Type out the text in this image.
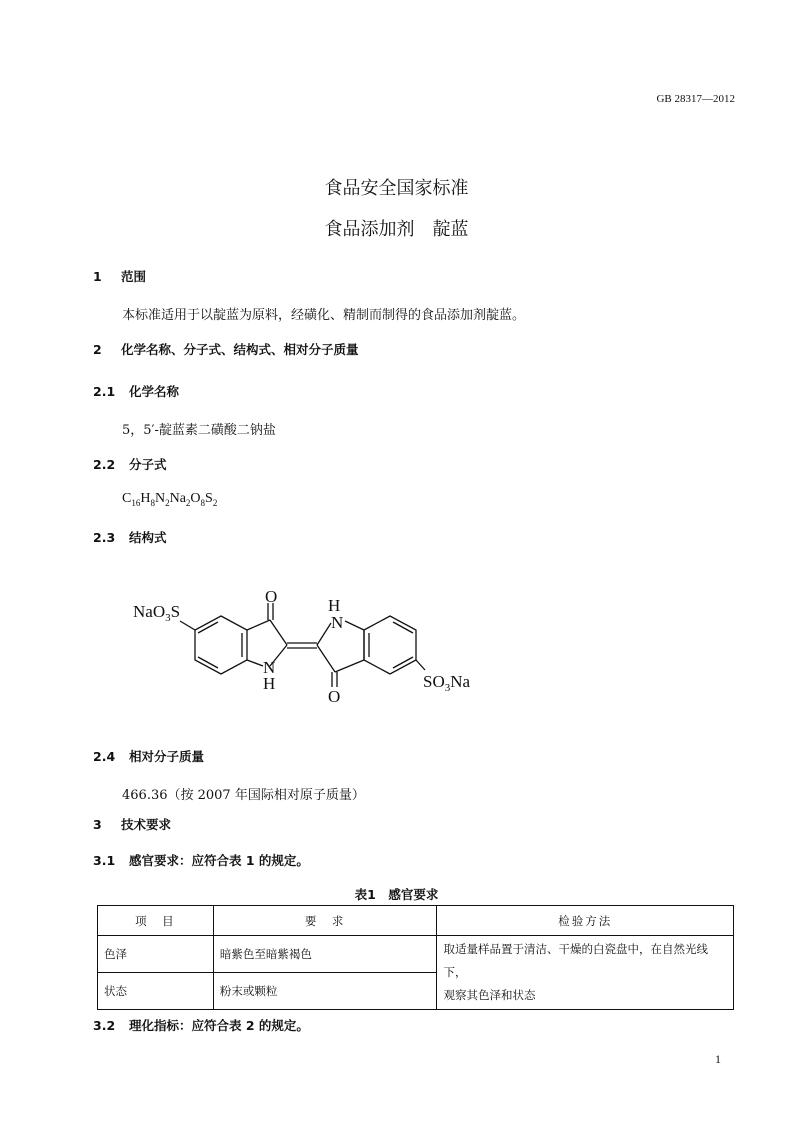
GB 28317—2012
食品安全国家标准
食品添加剂　靛蓝
1 范围
本标准适用于以靛蓝为原料，经磺化、精制而制得的食品添加剂靛蓝。
2 化学名称、分子式、结构式、相对分子质量
2.1 化学名称
5，5′-靛蓝素二磺酸二钠盐
2.2 分子式
$C_{16}H_8N_2Na_2O_8S_2$
2.3 结构式
NaO$_3$S
O	H
N
N
H
O
$SO_3Na$
2.4 相对分子质量
466.36（按 2007 年国际相对原子质量）
3 技术要求
3.1 感官要求：应符合表 1 的规定。
表1　感官要求
项　目	要　求	检验方法
色泽	暗紫色至暗紫褐色	取适量样品置于清洁、干燥的白瓷盘中，在自然光线下，
观察其色泽和状态

状态	粉末或颗粒	
3.2 理化指标：应符合表 2 的规定。
1
